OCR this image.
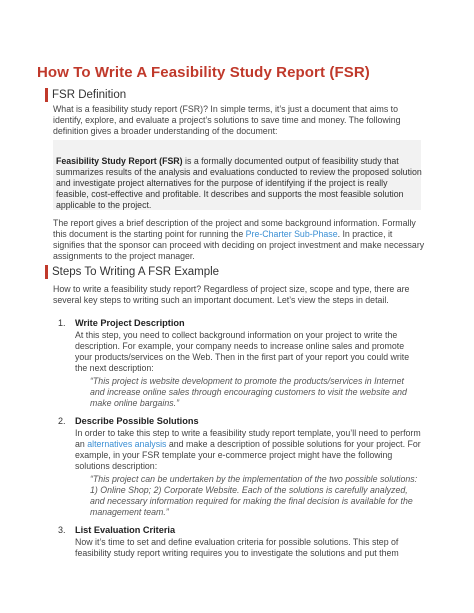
How To Write A Feasibility Study Report (FSR)
FSR Definition

What is a feasibility study report (FSR)? In simple terms, it’s just a document that aims to identify, explore, and evaluate a project’s solutions to save time and money. The following definition gives a broader understanding of the document:

Feasibility Study Report (FSR) is a formally documented output of feasibility study that summarizes results of the analysis and evaluations conducted to review the proposed solution and investigate project alternatives for the purpose of identifying if the project is really feasible, cost-effective and profitable. It describes and supports the most feasible solution applicable to the project.

The report gives a brief description of the project and some background information. Formally this document is the starting point for running the Pre-Charter Sub-Phase. In practice, it signifies that the sponsor can proceed with deciding on project investment and make necessary assignments to the project manager.

Steps To Writing A FSR Example

How to write a feasibility study report? Regardless of project size, scope and type, there are several key steps to writing such an important document. Let’s view the steps in detail.

1. Write Project Description

At this step, you need to collect background information on your project to write the description. For example, your company needs to increase online sales and promote your products/services on the Web. Then in the first part of your report you could write the next description:

“This project is website development to promote the products/services in Internet and increase online sales through encouraging customers to visit the website and make online bargains.”

2. Describe Possible Solutions

In order to take this step to write a feasibility study report template, you’ll need to perform an alternatives analysis and make a description of possible solutions for your project. For example, in your FSR template your e-commerce project might have the following solutions description:

“This project can be undertaken by the implementation of the two possible solutions: 1) Online Shop; 2) Corporate Website. Each of the solutions is carefully analyzed, and necessary information required for making the final decision is available for the management team.”

3. List Evaluation Criteria

Now it’s time to set and define evaluation criteria for possible solutions. This step of feasibility study report writing requires you to investigate the solutions and put them
